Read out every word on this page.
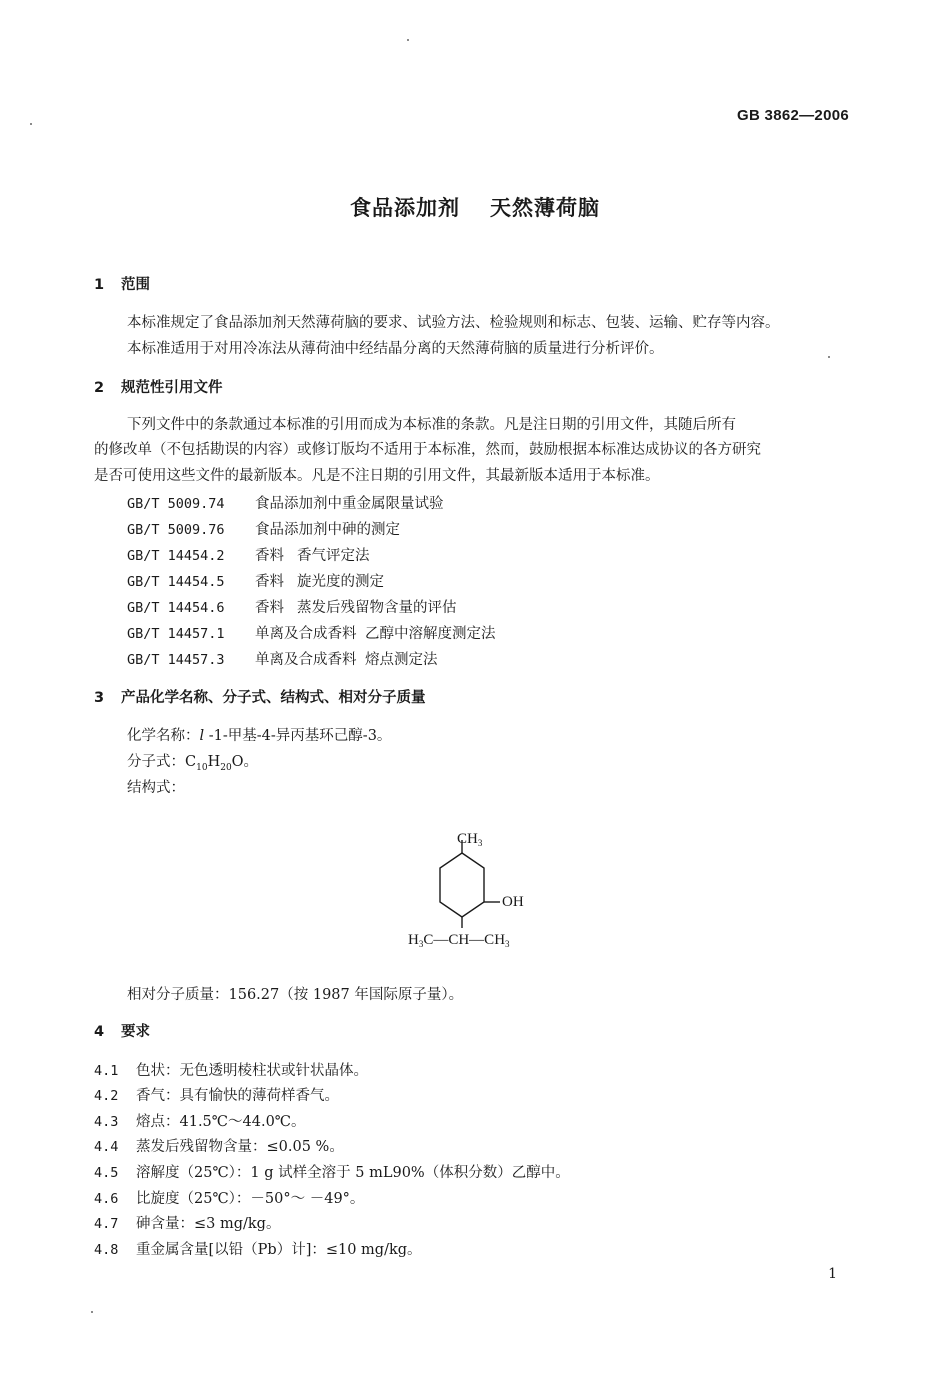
GB 3862—2006
食品添加剂 天然薄荷脑
1 范围
本标准规定了食品添加剂天然薄荷脑的要求、试验方法、检验规则和标志、包装、运输、贮存等内容。
本标准适用于对用冷冻法从薄荷油中经结晶分离的天然薄荷脑的质量进行分析评价。
2 规范性引用文件
下列文件中的条款通过本标准的引用而成为本标准的条款。凡是注日期的引用文件，其随后所有
的修改单（不包括勘误的内容）或修订版均不适用于本标准，然而，鼓励根据本标准达成协议的各方研究
是否可使用这些文件的最新版本。凡是不注日期的引用文件，其最新版本适用于本标准。
GB/T 5009.74 食品添加剂中重金属限量试验
GB/T 5009.76 食品添加剂中砷的测定
GB/T 14454.2 香料 香气评定法
GB/T 14454.5 香料 旋光度的测定
GB/T 14454.6 香料 蒸发后残留物含量的评估
GB/T 14457.1 单离及合成香料 乙醇中溶解度测定法
GB/T 14457.3 单离及合成香料 熔点测定法
3 产品化学名称、分子式、结构式、相对分子质量
化学名称：l -1-甲基-4-异丙基环己醇-3。
分子式：$C_{10}H_{20}O$。
结构式：
$CH_3$
OH
$H_3C—CH—CH_3$
相对分子质量：156.27（按 1987 年国际原子量）。
4 要求
4.1 色状：无色透明棱柱状或针状晶体。
4.2 香气：具有愉快的薄荷样香气。
4.3 熔点：41.5℃～44.0℃。
4.4 蒸发后残留物含量：≤0.05 %。
4.5 溶解度（25℃）：1 g 试样全溶于 5 mL90%（体积分数）乙醇中。
4.6 比旋度（25℃）：－50°～ －49°。
4.7 砷含量：≤3 mg/kg。
4.8 重金属含量[以铅（Pb）计]：≤10 mg/kg。
1
